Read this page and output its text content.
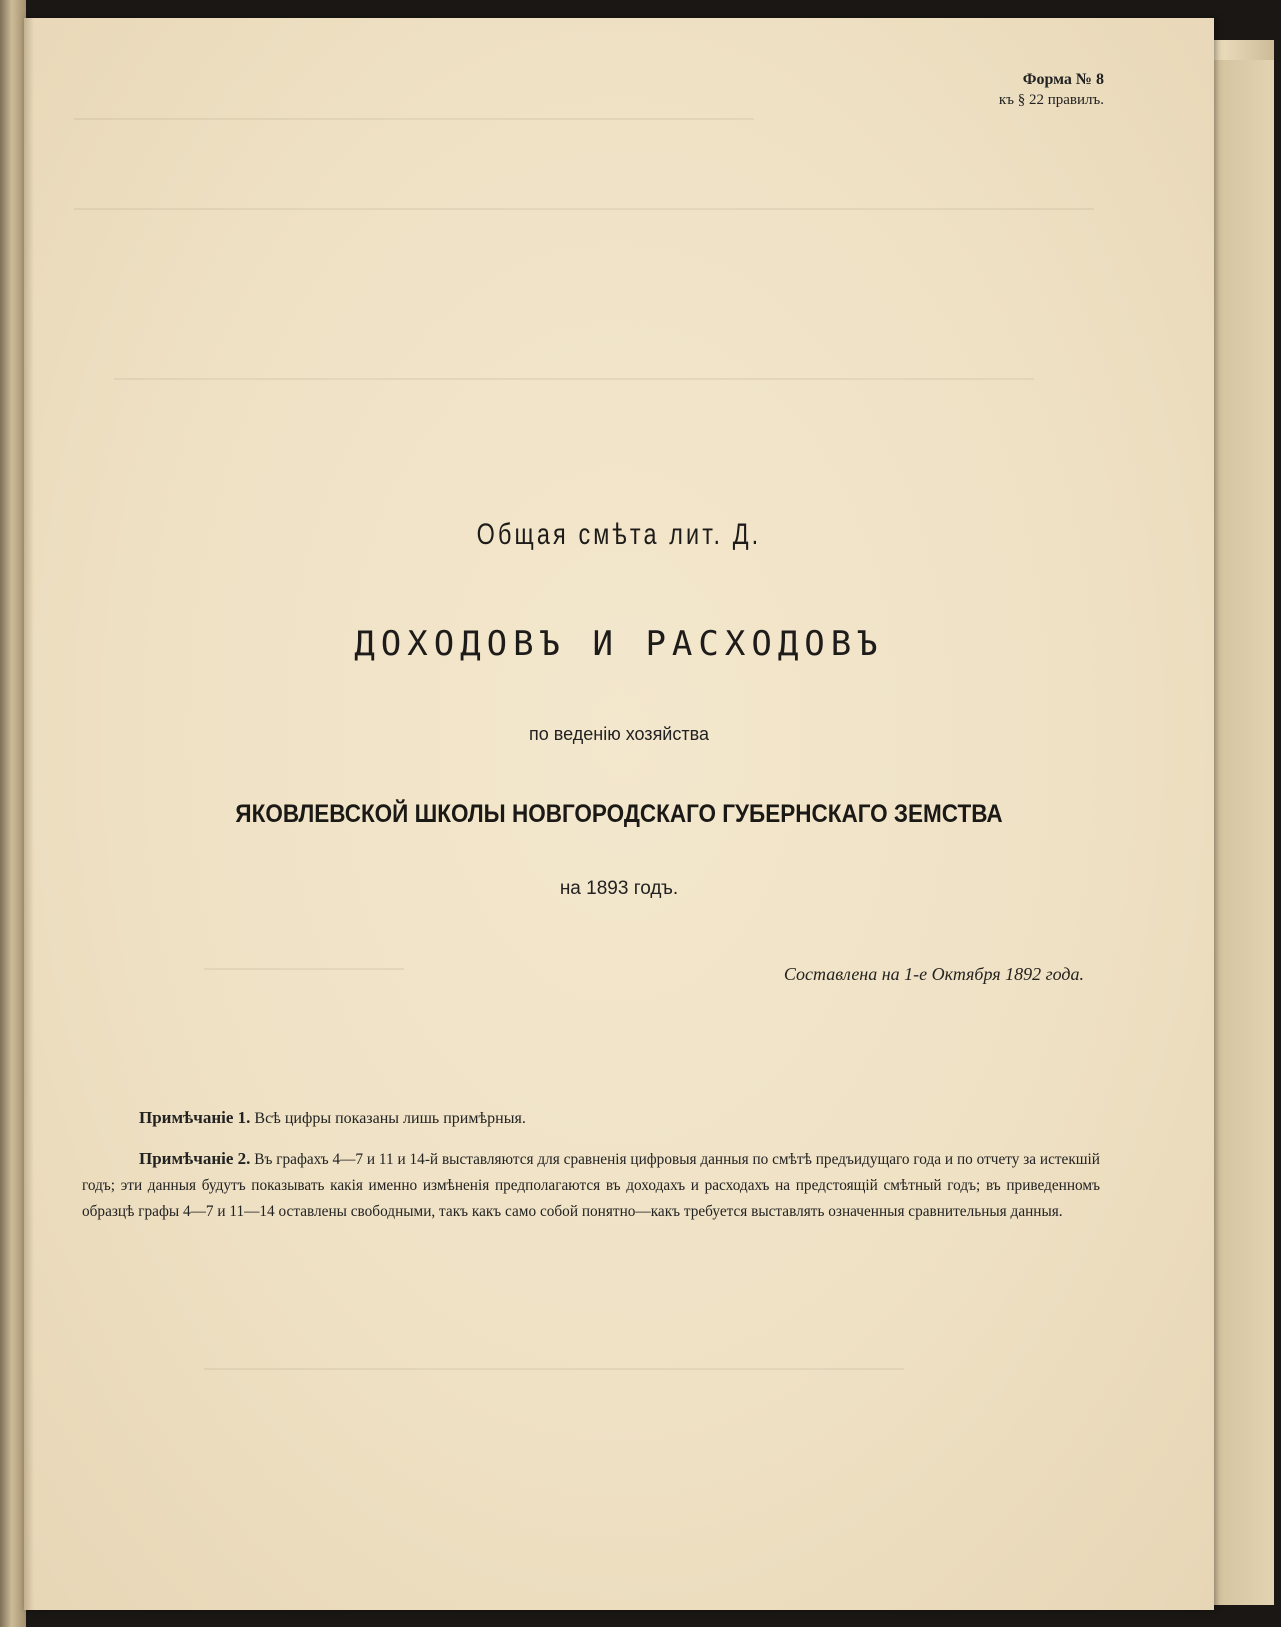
Форма № 8
къ § 22 правилъ.
Общая смѣта лит. Д.
ДОХОДОВЪ И РАСХОДОВЪ
по веденію хозяйства
ЯКОВЛЕВСКОЙ ШКОЛЫ НОВГОРОДСКАГО ГУБЕРНСКАГО ЗЕМСТВА
на 1893 годъ.
Составлена на 1-е Октября 1892 года.
Примѣчаніе 1. Всѣ цифры показаны лишь примѣрныя.
Примѣчаніе 2. Въ графахъ 4—7 и 11 и 14-й выставляются для сравненія цифровыя данныя по смѣтѣ предъидущаго года и по отчету за истекшій годъ; эти данныя будутъ показывать какія именно измѣненія предполагаются въ доходахъ и расходахъ на предстоящій смѣтный годъ; въ приведенномъ образцѣ графы 4—7 и 11—14 оставлены свободными, такъ какъ само собой понятно—какъ требуется выставлять означенныя сравнительныя данныя.
